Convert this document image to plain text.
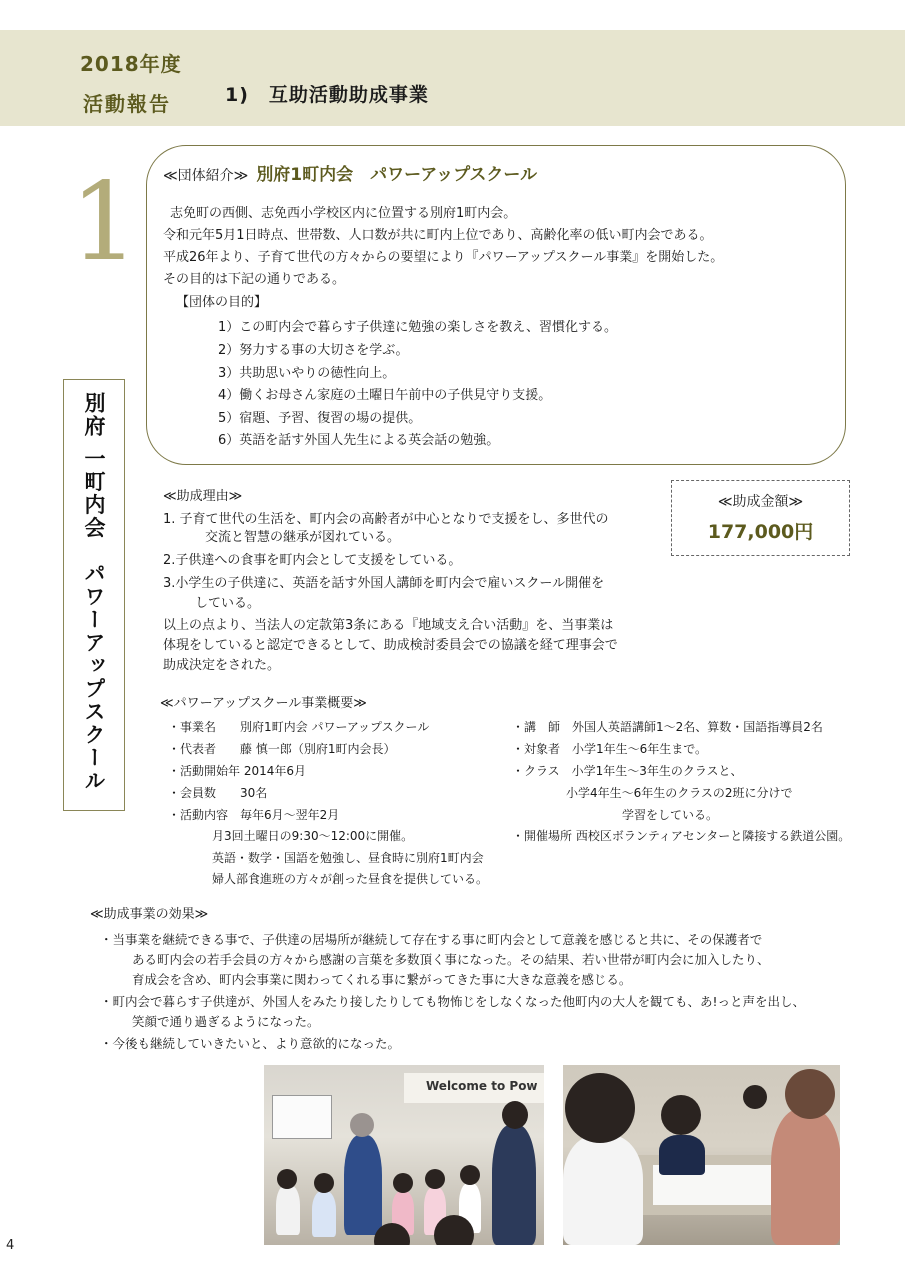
2018年度
活動報告	1)　互助活動助成事業
1
別府 一町内会　パワーアップスクール
≪団体紹介≫ 別府1町内会　パワーアップスクール
志免町の西側、志免西小学校区内に位置する別府1町内会。
令和元年5月1日時点、世帯数、人口数が共に町内上位であり、高齢化率の低い町内会である。
平成26年より、子育て世代の方々からの要望により『パワーアップスクール事業』を開始した。
その目的は下記の通りである。
【団体の目的】
1）この町内会で暮らす子供達に勉強の楽しさを教え、習慣化する。
2）努力する事の大切さを学ぶ。
3）共助思いやりの徳性向上。
4）働くお母さん家庭の土曜日午前中の子供見守り支援。
5）宿題、予習、復習の場の提供。
6）英語を話す外国人先生による英会話の勉強。
≪助成理由≫
1. 子育て世代の生活を、町内会の高齢者が中心となりで支援をし、多世代の
交流と智慧の継承が図れている。
2.子供達への食事を町内会として支援をしている。
3.小学生の子供達に、英語を話す外国人講師を町内会で雇いスクール開催を
している。
以上の点より、当法人の定款第3条にある『地域支え合い活動』を、当事業は
体現をしていると認定できるとして、助成検討委員会での協議を経て理事会で
助成決定をされた。
≪助成金額≫
177,000円
≪パワーアップスクール事業概要≫
・事業名　　別府1町内会 パワーアップスクール
・代表者　　藤 慎一郎（別府1町内会長）
・活動開始年 2014年6月
・会員数　　30名
・活動内容　毎年6月～翌年2月
月3回土曜日の9:30～12:00に開催。
英語・数学・国語を勉強し、昼食時に別府1町内会
婦人部食進班の方々が創った昼食を提供している。
・講　師　外国人英語講師1～2名、算数・国語指導員2名
・対象者　小学1年生～6年生まで。
・クラス　小学1年生～3年生のクラスと、
小学4年生～6年生のクラスの2班に分けで
学習をしている。
・開催場所 西校区ボランティアセンターと隣接する鉄道公園。
≪助成事業の効果≫
・当事業を継続できる事で、子供達の居場所が継続して存在する事に町内会として意義を感じると共に、その保護者で
ある町内会の若手会員の方々から感謝の言葉を多数頂く事になった。その結果、若い世帯が町内会に加入したり、
育成会を含め、町内会事業に関わってくれる事に繋がってきた事に大きな意義を感じる。
・町内会で暮らす子供達が、外国人をみたり接したりしても物怖じをしなくなった他町内の大人を観ても、あ!っと声を出し、
笑顔で通り過ぎるようになった。
・今後も継続していきたいと、より意欲的になった。
Welcome to Pow
4
